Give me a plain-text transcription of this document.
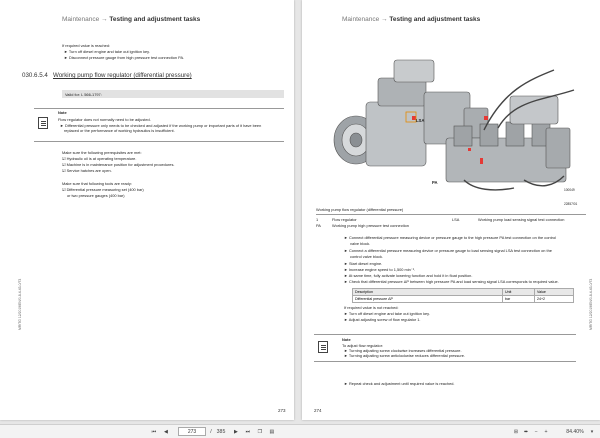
Maintenance → Testing and adjustment tasks
If required value is reached:
► Turn off diesel engine and take out ignition key.
► Disconnect pressure gauge from high pressure test connection PA.
030.6.5.4 Working pump flow regulator (differential pressure)
Valid for: L 566-1797:
Note
Flow regulator does not normally need to be adjusted.
► Differential pressure only needs to be checked and adjusted if the working pump or important parts of it have been
replaced or the performance of working hydraulics is insufficient.
Make sure the following prerequisites are met:
☑ Hydraulic oil is at operating temperature.
☑ Machine is in maintenance position for adjustment procedures.
☑ Service hatches are open.
Make sure that following tools are ready:
☑ Differential pressure measuring set (400 bar)
or two pressure gauges (400 bar)
MR/TG 12/2019/EN/0-8-4-43-0/73
273
Maintenance → Testing and adjustment tasks
LSA
PA
100049
22857/01
Working pump flow regulator (differential pressure)
1	Flow regulator	LSA	Working pump load sensing signal test connection
PA	Working pump high pressure test connection
► Connect differential pressure measuring device or pressure gauge to the high pressure PA test connection on the control
valve block.
► Connect a differential pressure measuring device or pressure gauge to load sensing signal LSA test connection on the
control valve block.
► Start diesel engine.
► Increase engine speed to 1,500 min⁻¹.
► At same time, fully activate lowering function and hold it in float position.
► Check that differential pressure ΔP between high pressure PA and load sensing signal LSA corresponds to required value.
Description	Unit	Value
Differential pressure ΔP	bar	24+2
If required value is not reached:
► Turn off diesel engine and take out ignition key.
► Adjust adjusting screw of flow regulator 1.
Note
To adjust flow regulator:
► Turning adjusting screw clockwise increases differential pressure.
► Turning adjusting screw anticlockwise reduces differential pressure.
► Repeat check and adjustment until required value is reached.
MR/TG 12/2019/EN/0-8-4-43-0/73
274
⏮	◀	273	/ 385	▶	⏭	❐	▤	⊞	⬌	−	+	84.40%	▾
